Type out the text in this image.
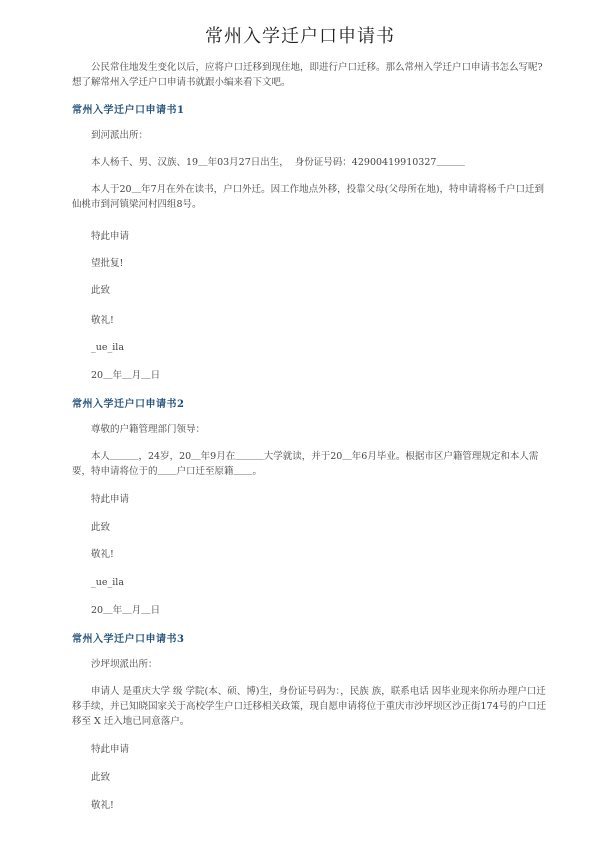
常州入学迁户口申请书
公民常住地发生变化以后，应将户口迁移到现住地，即进行户口迁移。那么常州入学迁户口申请书怎么写呢?想了解常州入学迁户口申请书就跟小编来看下文吧。
常州入学迁户口申请书1
到河派出所：
本人杨千、男、汉族、19＿年03月27日出生，  身份证号码：42900419910327＿＿＿
本人于20＿年7月在外在读书，户口外迁。因工作地点外移，投靠父母(父母所在地)，特申请将杨千户口迁到仙桃市到河镇梁河村四组8号。
特此申请
望批复!
此致
敬礼!
_ue_ila
20＿年＿月＿日
常州入学迁户口申请书2
尊敬的户籍管理部门领导：
本人＿＿＿，24岁，20＿年9月在＿＿＿大学就读，并于20＿年6月毕业。根据市区户籍管理规定和本人需要，特申请将位于的＿＿户口迁至原籍＿＿。
特此申请
此致
敬礼!
_ue_ila
20＿年＿月＿日
常州入学迁户口申请书3
沙坪坝派出所：
申请人 是重庆大学 级 学院(本、硕、博)生，身份证号码为：，民族 族，联系电话 因毕业现来你所办理户口迁移手续，并已知晓国家关于高校学生户口迁移相关政策，现自愿申请将位于重庆市沙坪坝区沙正街174号的户口迁移至 X 迁入地已同意落户。
特此申请
此致
敬礼!
